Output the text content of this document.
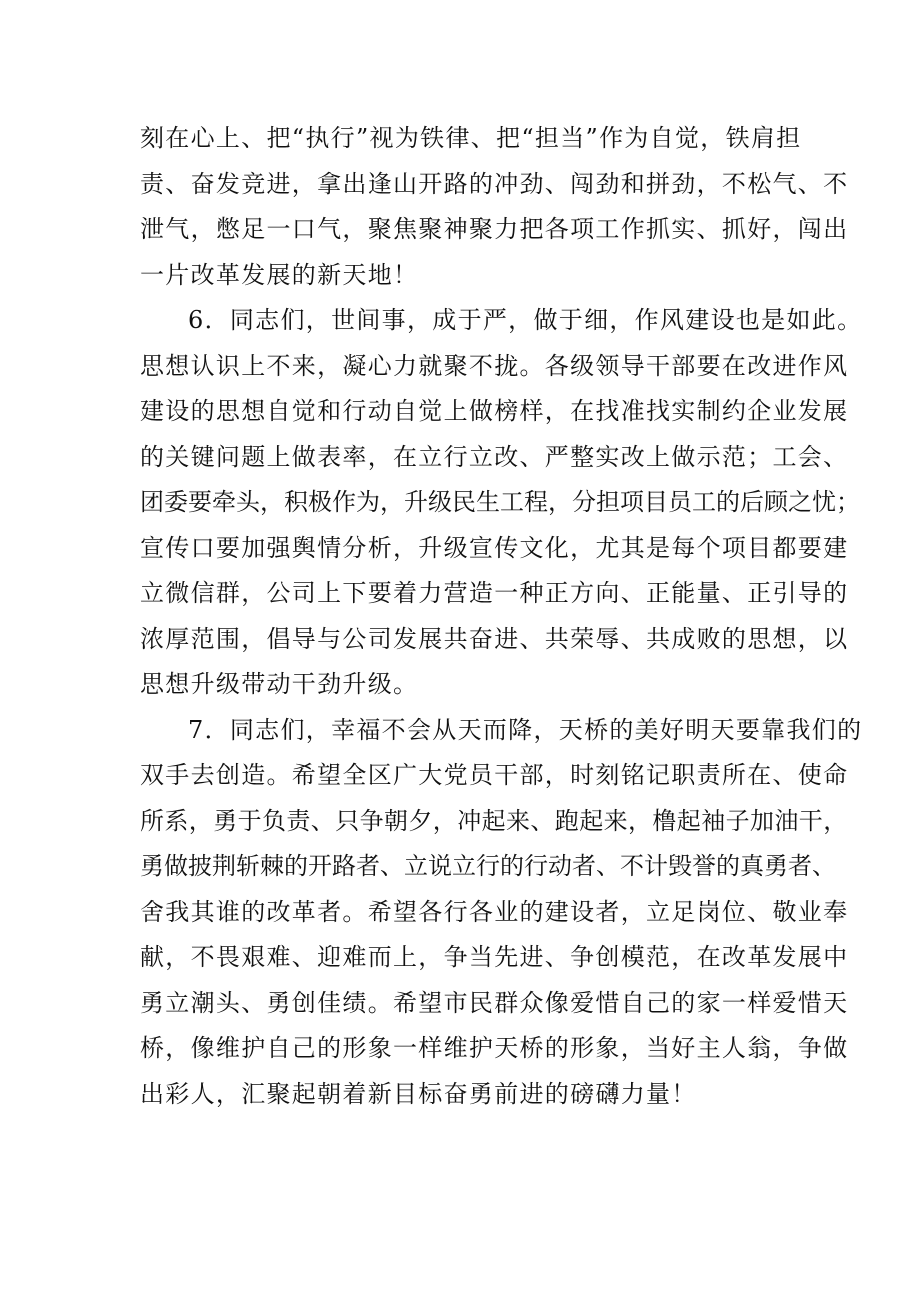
刻在心上、把“执行”视为铁律、把“担当”作为自觉，铁肩担
责、奋发竞进，拿出逢山开路的冲劲、闯劲和拼劲，不松气、不
泄气，憋足一口气，聚焦聚神聚力把各项工作抓实、抓好，闯出
一片改革发展的新天地！
6．同志们，世间事，成于严，做于细，作风建设也是如此。
思想认识上不来，凝心力就聚不拢。各级领导干部要在改进作风
建设的思想自觉和行动自觉上做榜样，在找准找实制约企业发展
的关键问题上做表率，在立行立改、严整实改上做示范；工会、
团委要牵头，积极作为，升级民生工程，分担项目员工的后顾之忧；
宣传口要加强舆情分析，升级宣传文化，尤其是每个项目都要建
立微信群，公司上下要着力营造一种正方向、正能量、正引导的
浓厚范围，倡导与公司发展共奋进、共荣辱、共成败的思想，以
思想升级带动干劲升级。
7．同志们，幸福不会从天而降，天桥的美好明天要靠我们的
双手去创造。希望全区广大党员干部，时刻铭记职责所在、使命
所系，勇于负责、只争朝夕，冲起来、跑起来，橹起袖子加油干，
勇做披荆斩棘的开路者、立说立行的行动者、不计毁誉的真勇者、
舍我其谁的改革者。希望各行各业的建设者，立足岗位、敬业奉
献，不畏艰难、迎难而上，争当先进、争创模范，在改革发展中
勇立潮头、勇创佳绩。希望市民群众像爱惜自己的家一样爱惜天
桥，像维护自己的形象一样维护天桥的形象，当好主人翁，争做
出彩人，汇聚起朝着新目标奋勇前进的磅礴力量！
